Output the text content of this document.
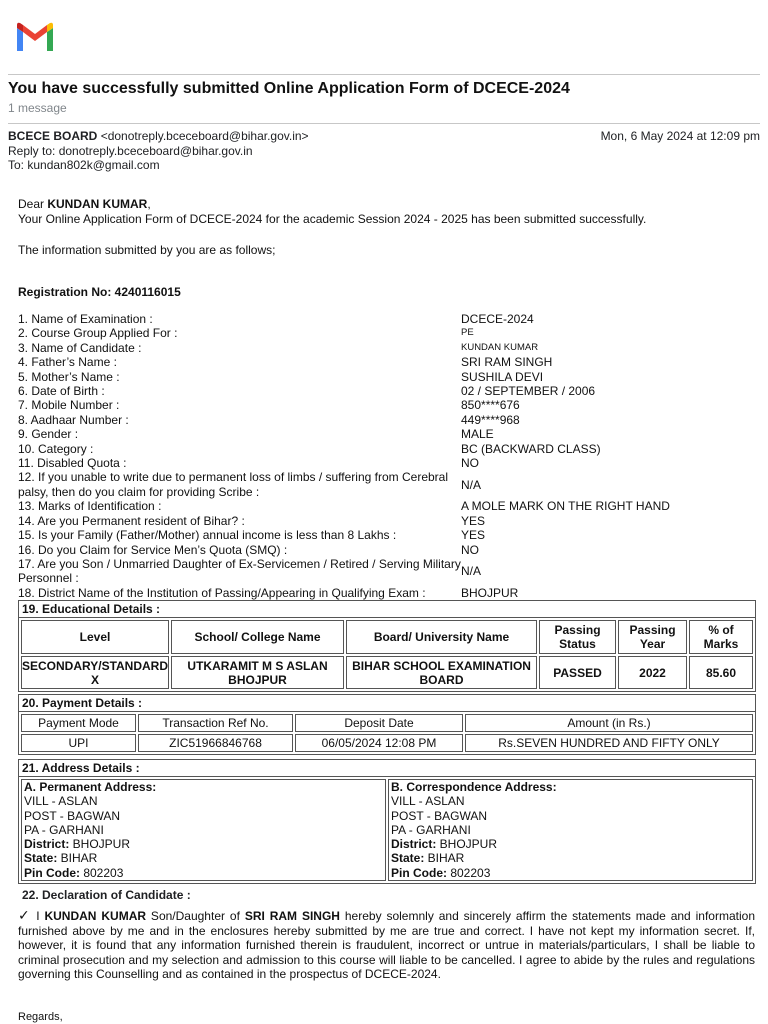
You have successfully submitted Online Application Form of DCECE-2024
1 message
BCECE BOARD <donotreply.bceceboard@bihar.gov.in>
Reply to: donotreply.bceceboard@bihar.gov.in
To: kundan802k@gmail.com
Mon, 6 May 2024 at 12:09 pm
Dear KUNDAN KUMAR,
Your Online Application Form of DCECE-2024 for the academic Session 2024 - 2025 has been submitted successfully.
The information submitted by you are as follows;
Registration No: 4240116015
1. Name of Examination :	DCECE-2024
2. Course Group Applied For :	PE
3. Name of Candidate :	KUNDAN KUMAR
4. Father’s Name :	SRI RAM SINGH
5. Mother’s Name :	SUSHILA DEVI
6. Date of Birth :	02 / SEPTEMBER / 2006
7. Mobile Number :	850****676
8. Aadhaar Number :	449****968
9. Gender :	MALE
10. Category :	BC (BACKWARD CLASS)
11. Disabled Quota :	NO
12. If you unable to write due to permanent loss of limbs / suffering from Cerebral palsy, then do you claim for providing Scribe :
N/A
13. Marks of Identification :	A MOLE MARK ON THE RIGHT HAND
14. Are you Permanent resident of Bihar? :	YES
15. Is your Family (Father/Mother) annual income is less than 8 Lakhs :	YES
16. Do you Claim for Service Men’s Quota (SMQ) :	NO
17. Are you Son / Unmarried Daughter of Ex-Servicemen / Retired / Serving Military Personnel :
N/A
18. District Name of the Institution of Passing/Appearing in Qualifying Exam :	BHOJPUR
19. Educational Details :
Level	School/ College Name	Board/ University Name	Passing Status	Passing Year	% of Marks
SECONDARY/STANDARD X	UTKARAMIT M S ASLAN BHOJPUR	BIHAR SCHOOL EXAMINATION BOARD	PASSED	2022	85.60
20. Payment Details :
Payment Mode	Transaction Ref No.	Deposit Date	Amount (in Rs.)
UPI	ZIC51966846768	06/05/2024 12:08 PM	Rs.SEVEN HUNDRED AND FIFTY ONLY
21. Address Details :
A. Permanent Address:
VILL - ASLAN
POST - BAGWAN
PA - GARHANI
District: BHOJPUR
State: BIHAR
Pin Code: 802203
B. Correspondence Address:
VILL - ASLAN
POST - BAGWAN
PA - GARHANI
District: BHOJPUR
State: BIHAR
Pin Code: 802203
22. Declaration of Candidate :
✓ I KUNDAN KUMAR Son/Daughter of SRI RAM SINGH hereby solemnly and sincerely affirm the statements made and information furnished above by me and in the enclosures hereby submitted by me are true and correct. I have not kept my information secret. If, however, it is found that any information furnished therein is fraudulent, incorrect or untrue in materials/particulars, I shall be liable to criminal prosecution and my selection and admission to this course will liable to be cancelled. I agree to abide by the rules and regulations governing this Counselling and as contained in the prospectus of DCECE-2024.
Regards,
